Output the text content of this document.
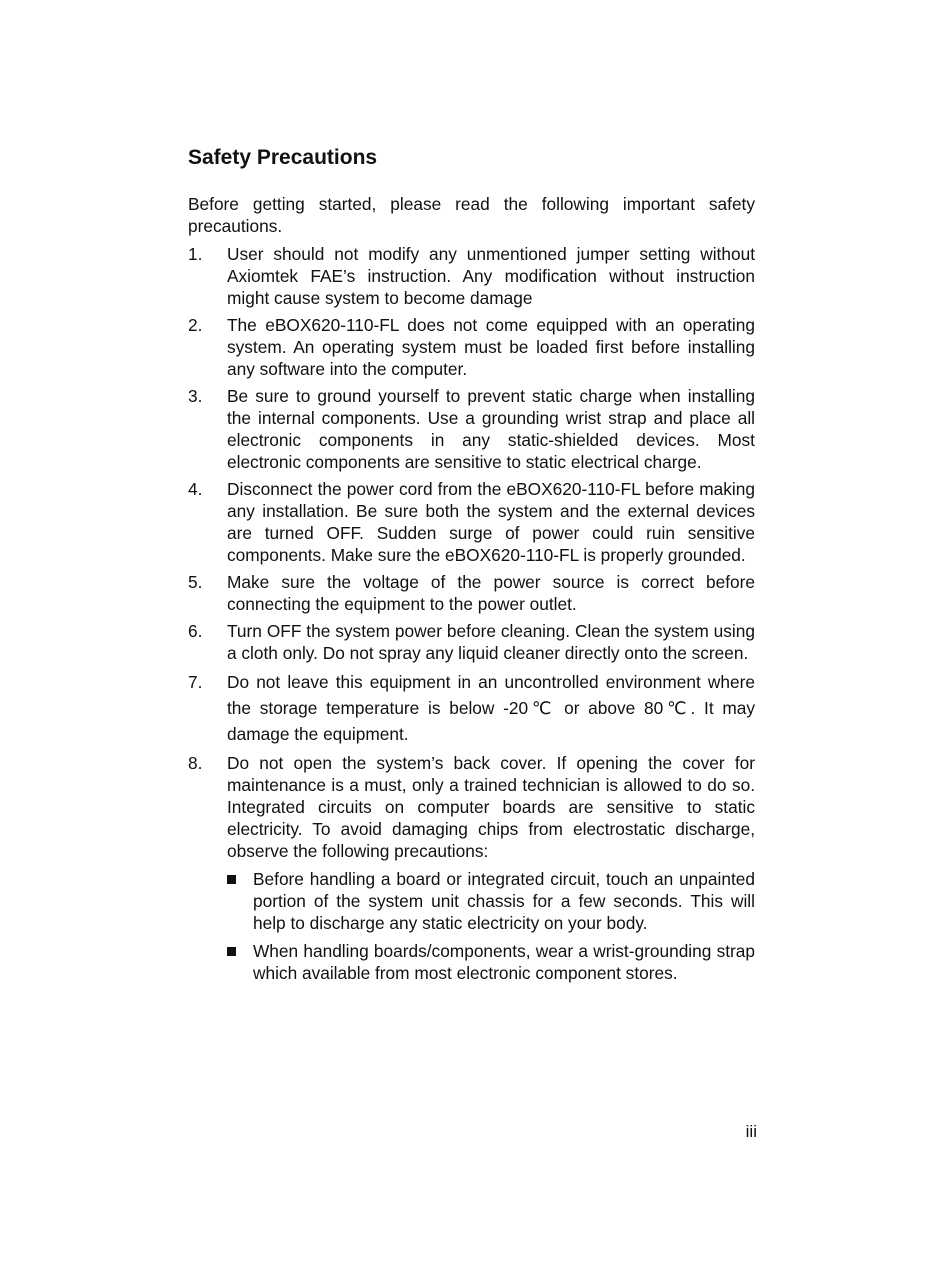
Safety Precautions

Before getting started, please read the following important safety precautions.

1. User should not modify any unmentioned jumper setting without Axiomtek FAE’s instruction. Any modification without instruction might cause system to become damage
2. The eBOX620-110-FL does not come equipped with an operating system. An operating system must be loaded first before installing any software into the computer.
3. Be sure to ground yourself to prevent static charge when installing the internal components. Use a grounding wrist strap and place all electronic components in any static-shielded devices. Most electronic components are sensitive to static electrical charge.
4. Disconnect the power cord from the eBOX620-110-FL before making any installation. Be sure both the system and the external devices are turned OFF. Sudden surge of power could ruin sensitive components. Make sure the eBOX620-110-FL is properly grounded.
5. Make sure the voltage of the power source is correct before connecting the equipment to the power outlet.
6. Turn OFF the system power before cleaning. Clean the system using a cloth only. Do not spray any liquid cleaner directly onto the screen.
7. Do not leave this equipment in an uncontrolled environment where the storage temperature is below -20℃ or above 80℃. It may damage the equipment.
8. Do not open the system’s back cover. If opening the cover for maintenance is a must, only a trained technician is allowed to do so. Integrated circuits on computer boards are sensitive to static electricity. To avoid damaging chips from electrostatic discharge, observe the following precautions:
Before handling a board or integrated circuit, touch an unpainted portion of the system unit chassis for a few seconds. This will help to discharge any static electricity on your body.
When handling boards/components, wear a wrist-grounding strap which available from most electronic component stores.
iii
